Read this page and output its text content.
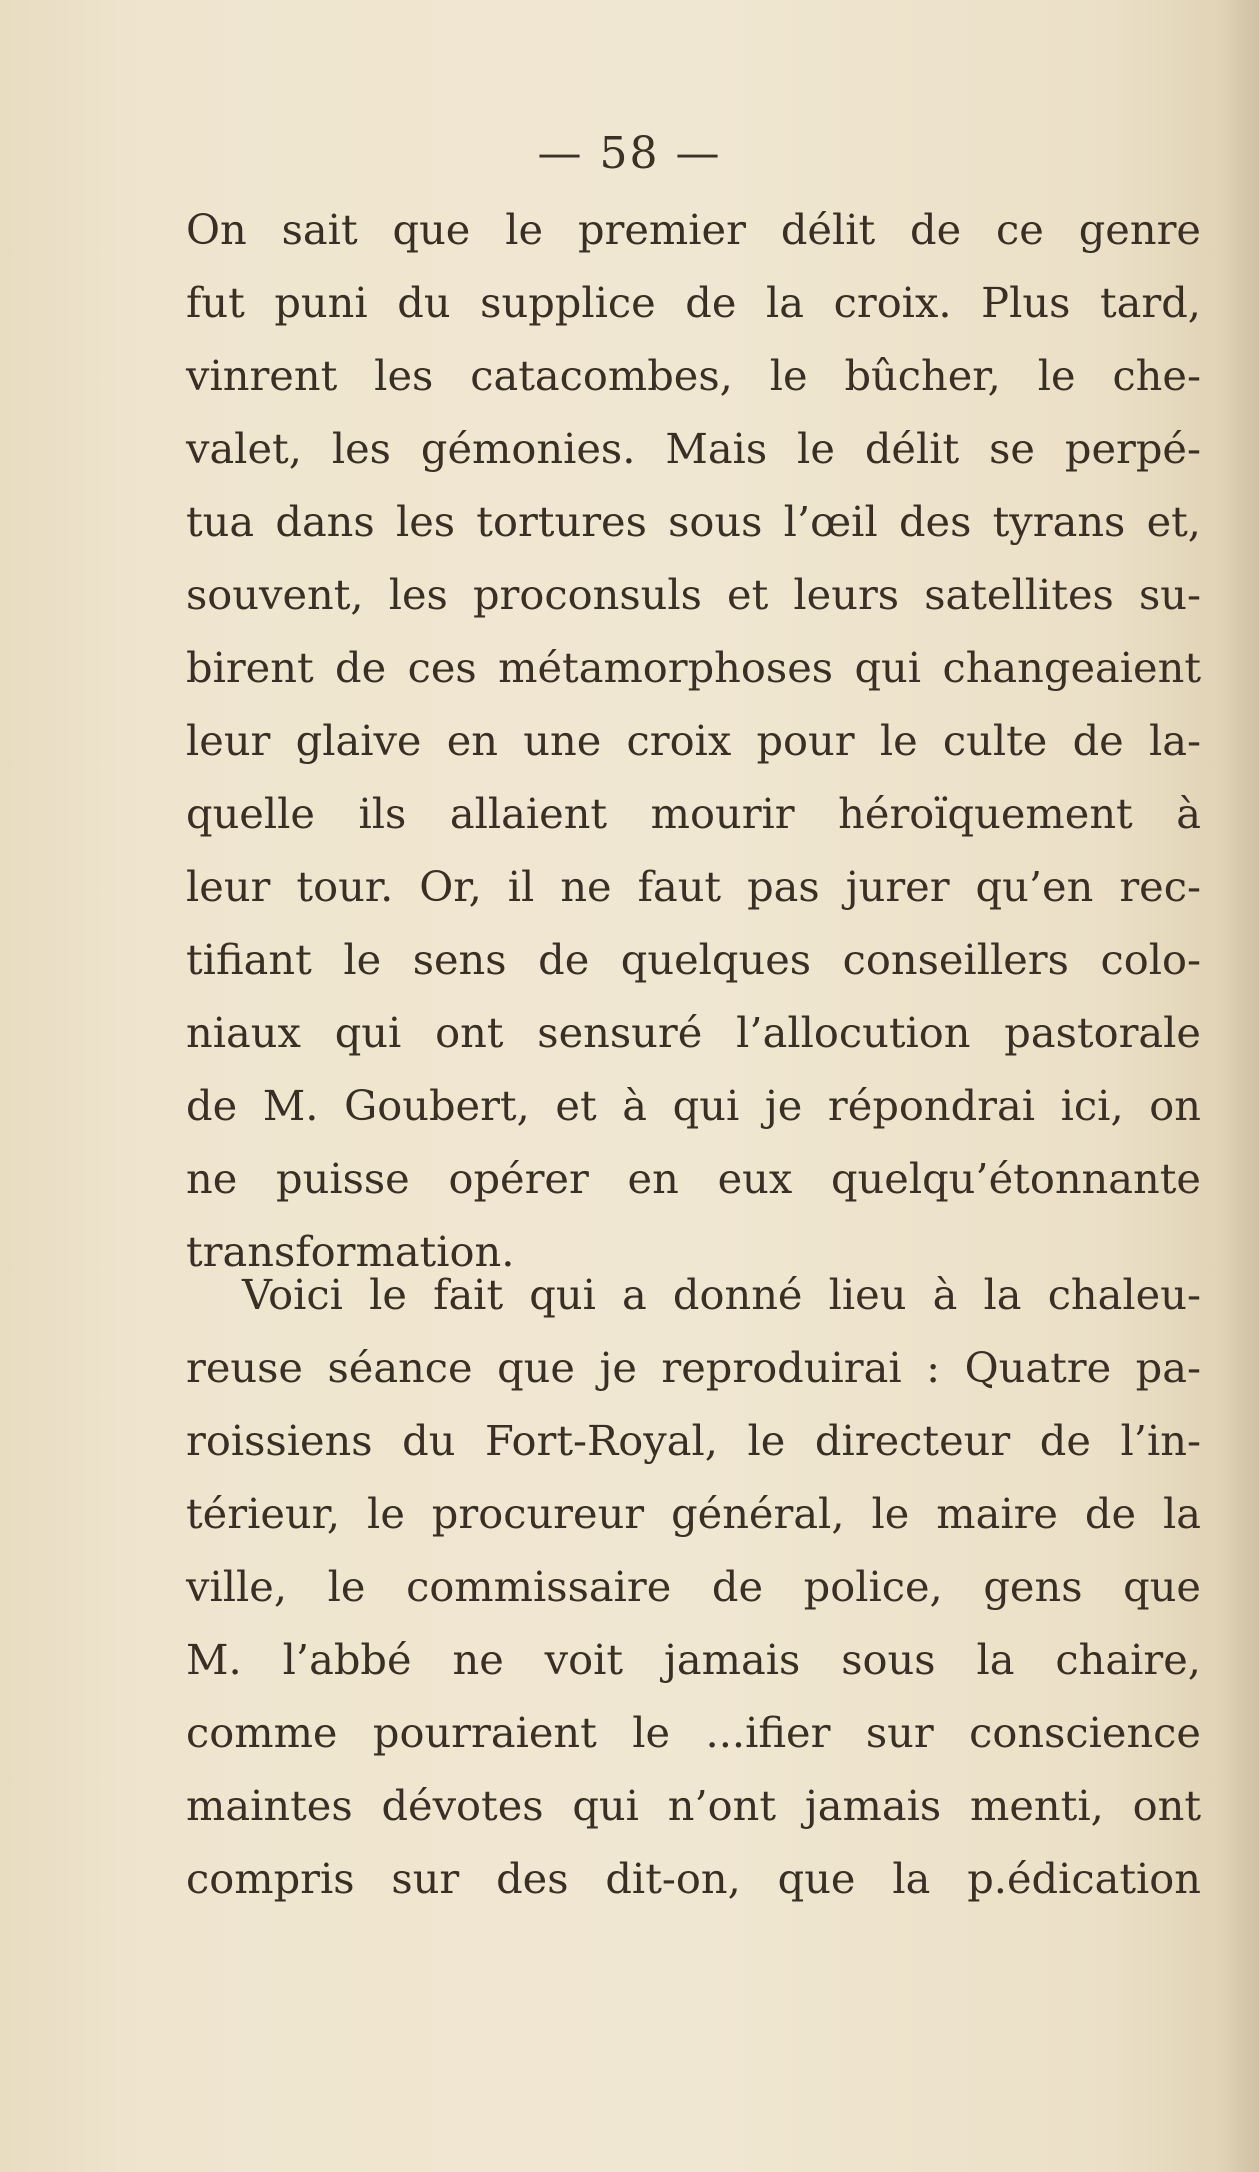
— 58 —
On sait que le premier délit de ce genre
fut puni du supplice de la croix. Plus tard,
vinrent les catacombes, le bûcher, le che-
valet, les gémonies. Mais le délit se perpé-
tua dans les tortures sous l’œil des tyrans et,
souvent, les proconsuls et leurs satellites su-
birent de ces métamorphoses qui changeaient
leur glaive en une croix pour le culte de la-
quelle ils allaient mourir héroïquement à
leur tour. Or, il ne faut pas jurer qu’en rec-
tifiant le sens de quelques conseillers colo-
niaux qui ont sensuré l’allocution pastorale
de M. Goubert, et à qui je répondrai ici, on
ne puisse opérer en eux quelqu’étonnante
transformation.
Voici le fait qui a donné lieu à la chaleu-
reuse séance que je reproduirai : Quatre pa-
roissiens du Fort-Royal, le directeur de l’in-
térieur, le procureur général, le maire de la
ville, le commissaire de police, gens que
M. l’abbé ne voit jamais sous la chaire,
comme pourraient le ...ifier sur conscience
maintes dévotes qui n’ont jamais menti, ont
compris sur des dit-on, que la p.édication
